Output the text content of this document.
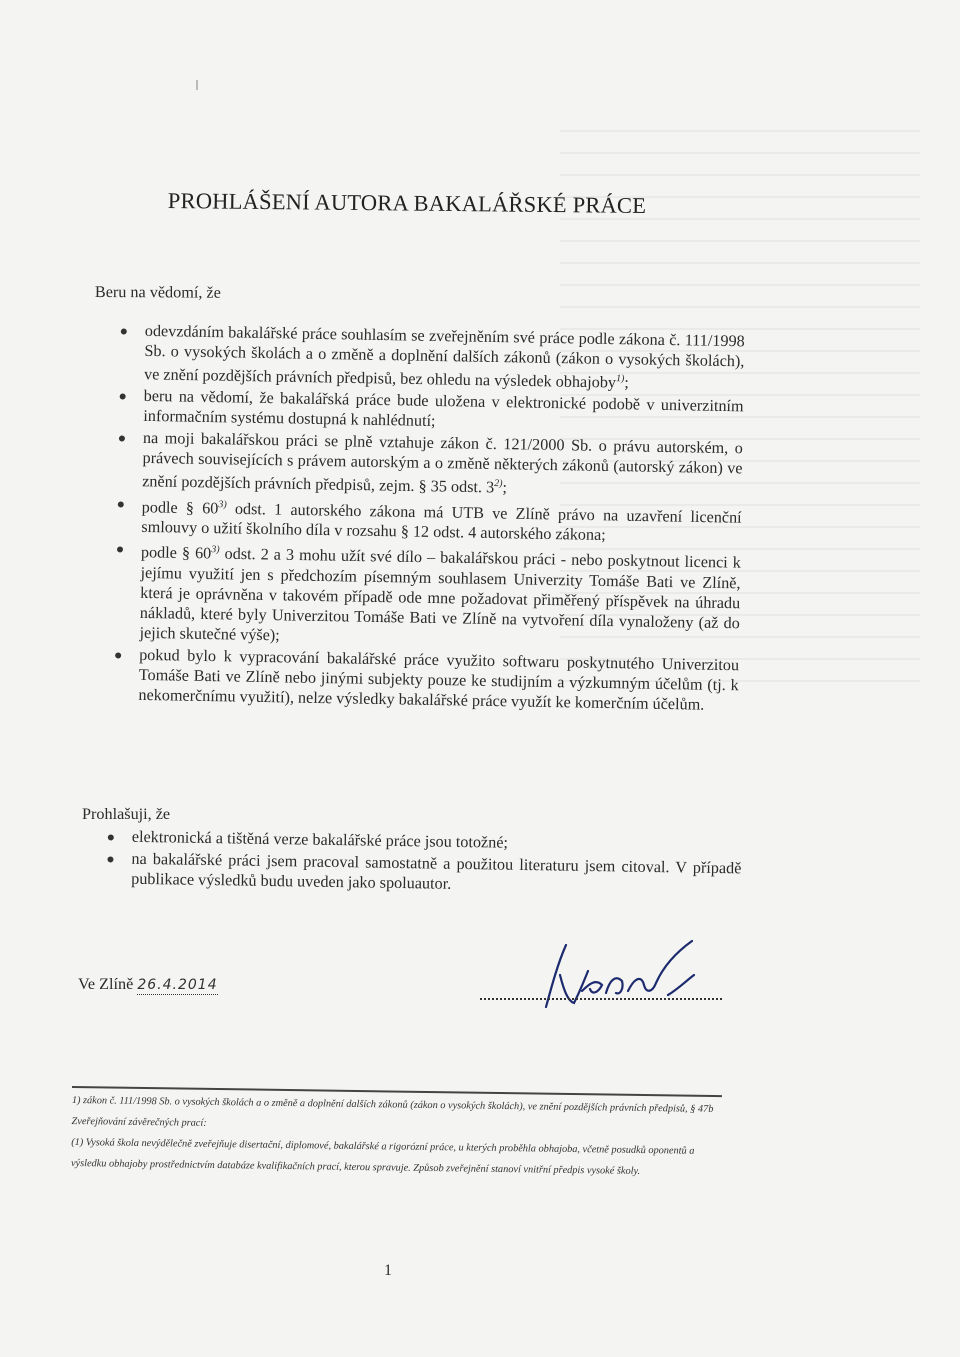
PROHLÁŠENÍ AUTORA BAKALÁŘSKÉ PRÁCE
Beru na vědomí, že
odevzdáním bakalářské práce souhlasím se zveřejněním své práce podle zákona č. 111/1998 Sb. o vysokých školách a o změně a doplnění dalších zákonů (zákon o vysokých školách), ve znění pozdějších právních předpisů, bez ohledu na výsledek obhajoby$^{1)}$;
beru na vědomí, že bakalářská práce bude uložena v elektronické podobě v univerzitním informačním systému dostupná k nahlédnutí;
na moji bakalářskou práci se plně vztahuje zákon č. 121/2000 Sb. o právu autorském, o právech souvisejících s právem autorským a o změně některých zákonů (autorský zákon) ve znění pozdějších právních předpisů, zejm. § 35 odst. 3$^{2)}$;
podle § 60$^{3)}$ odst. 1 autorského zákona má UTB ve Zlíně právo na uzavření licenční smlouvy o užití školního díla v rozsahu § 12 odst. 4 autorského zákona;
podle § 60$^{3)}$ odst. 2 a 3 mohu užít své dílo – bakalářskou práci - nebo poskytnout licenci k jejímu využití jen s předchozím písemným souhlasem Univerzity Tomáše Bati ve Zlíně, která je oprávněna v takovém případě ode mne požadovat přiměřený příspěvek na úhradu nákladů, které byly Univerzitou Tomáše Bati ve Zlíně na vytvoření díla vynaloženy (až do jejich skutečné výše);
pokud bylo k vypracování bakalářské práce využito softwaru poskytnutého Univerzitou Tomáše Bati ve Zlíně nebo jinými subjekty pouze ke studijním a výzkumným účelům (tj. k nekomerčnímu využití), nelze výsledky bakalářské práce využít ke komerčním účelům.
Prohlašuji, že
elektronická a tištěná verze bakalářské práce jsou totožné;
na bakalářské práci jsem pracoval samostatně a použitou literaturu jsem citoval. V případě publikace výsledků budu uveden jako spoluautor.
Ve Zlíně 26.4.2014

1) zákon č. 111/1998 Sb. o vysokých školách a o změně a doplnění dalších zákonů (zákon o vysokých školách), ve znění pozdějších právních předpisů, § 47b Zveřejňování závěrečných prací:

(1) Vysoká škola nevýdělečně zveřejňuje disertační, diplomové, bakalářské a rigorózní práce, u kterých proběhla obhajoba, včetně posudků oponentů a výsledku obhajoby prostřednictvím databáze kvalifikačních prací, kterou spravuje. Způsob zveřejnění stanoví vnitřní předpis vysoké školy.

1
